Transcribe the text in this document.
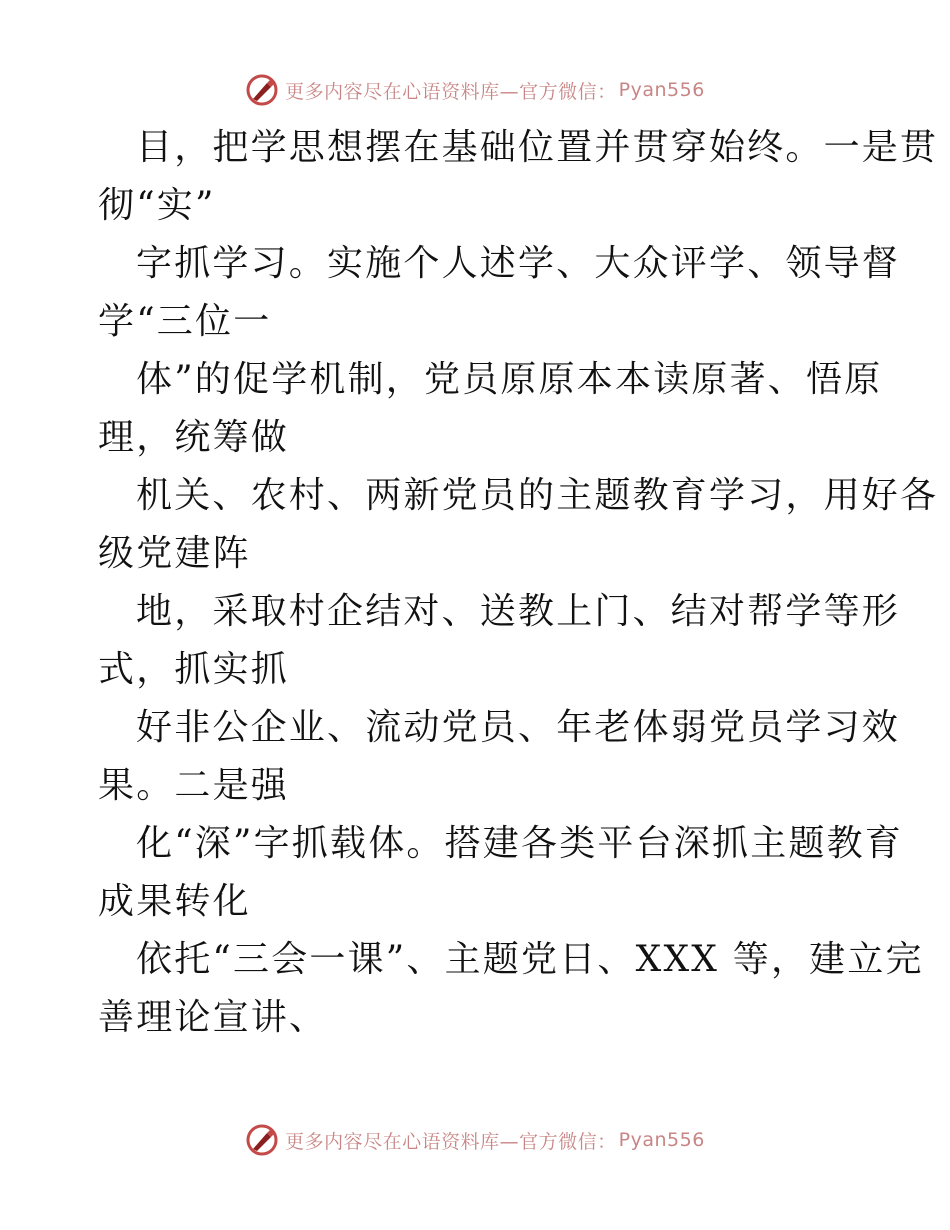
更多内容尽在心语资料库—官方微信： Pyan556
目，把学思想摆在基础位置并贯穿始终。一是贯
彻“实”
字抓学习。实施个人述学、大众评学、领导督
学“三位一
体”的促学机制，党员原原本本读原著、悟原
理，统筹做
机关、农村、两新党员的主题教育学习，用好各
级党建阵
地，采取村企结对、送教上门、结对帮学等形
式，抓实抓
好非公企业、流动党员、年老体弱党员学习效
果。二是强
化“深”字抓载体。搭建各类平台深抓主题教育
成果转化
依托“三会一课”、主题党日、XXX 等，建立完
善理论宣讲、
更多内容尽在心语资料库—官方微信： Pyan556
